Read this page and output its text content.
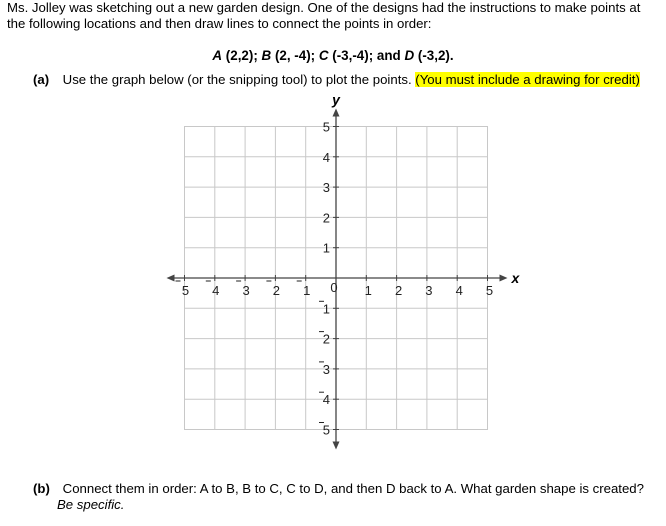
Ms. Jolley was sketching out a new garden design. One of the designs had the instructions to make points at the following locations and then draw lines to connect the points in order:
A (2,2); B (2, -4); C (-3,-4); and D (-3,2).
(a) Use the graph below (or the snipping tool) to plot the points. (You must include a drawing for credit)
5 4 3 2 1	1 2 3 4 5
5
4
3
2
1
1
2
3
4
5
0
x
y
(b) Connect them in order: A to B, B to C, C to D, and then D back to A. What garden shape is created?
Be specific.
